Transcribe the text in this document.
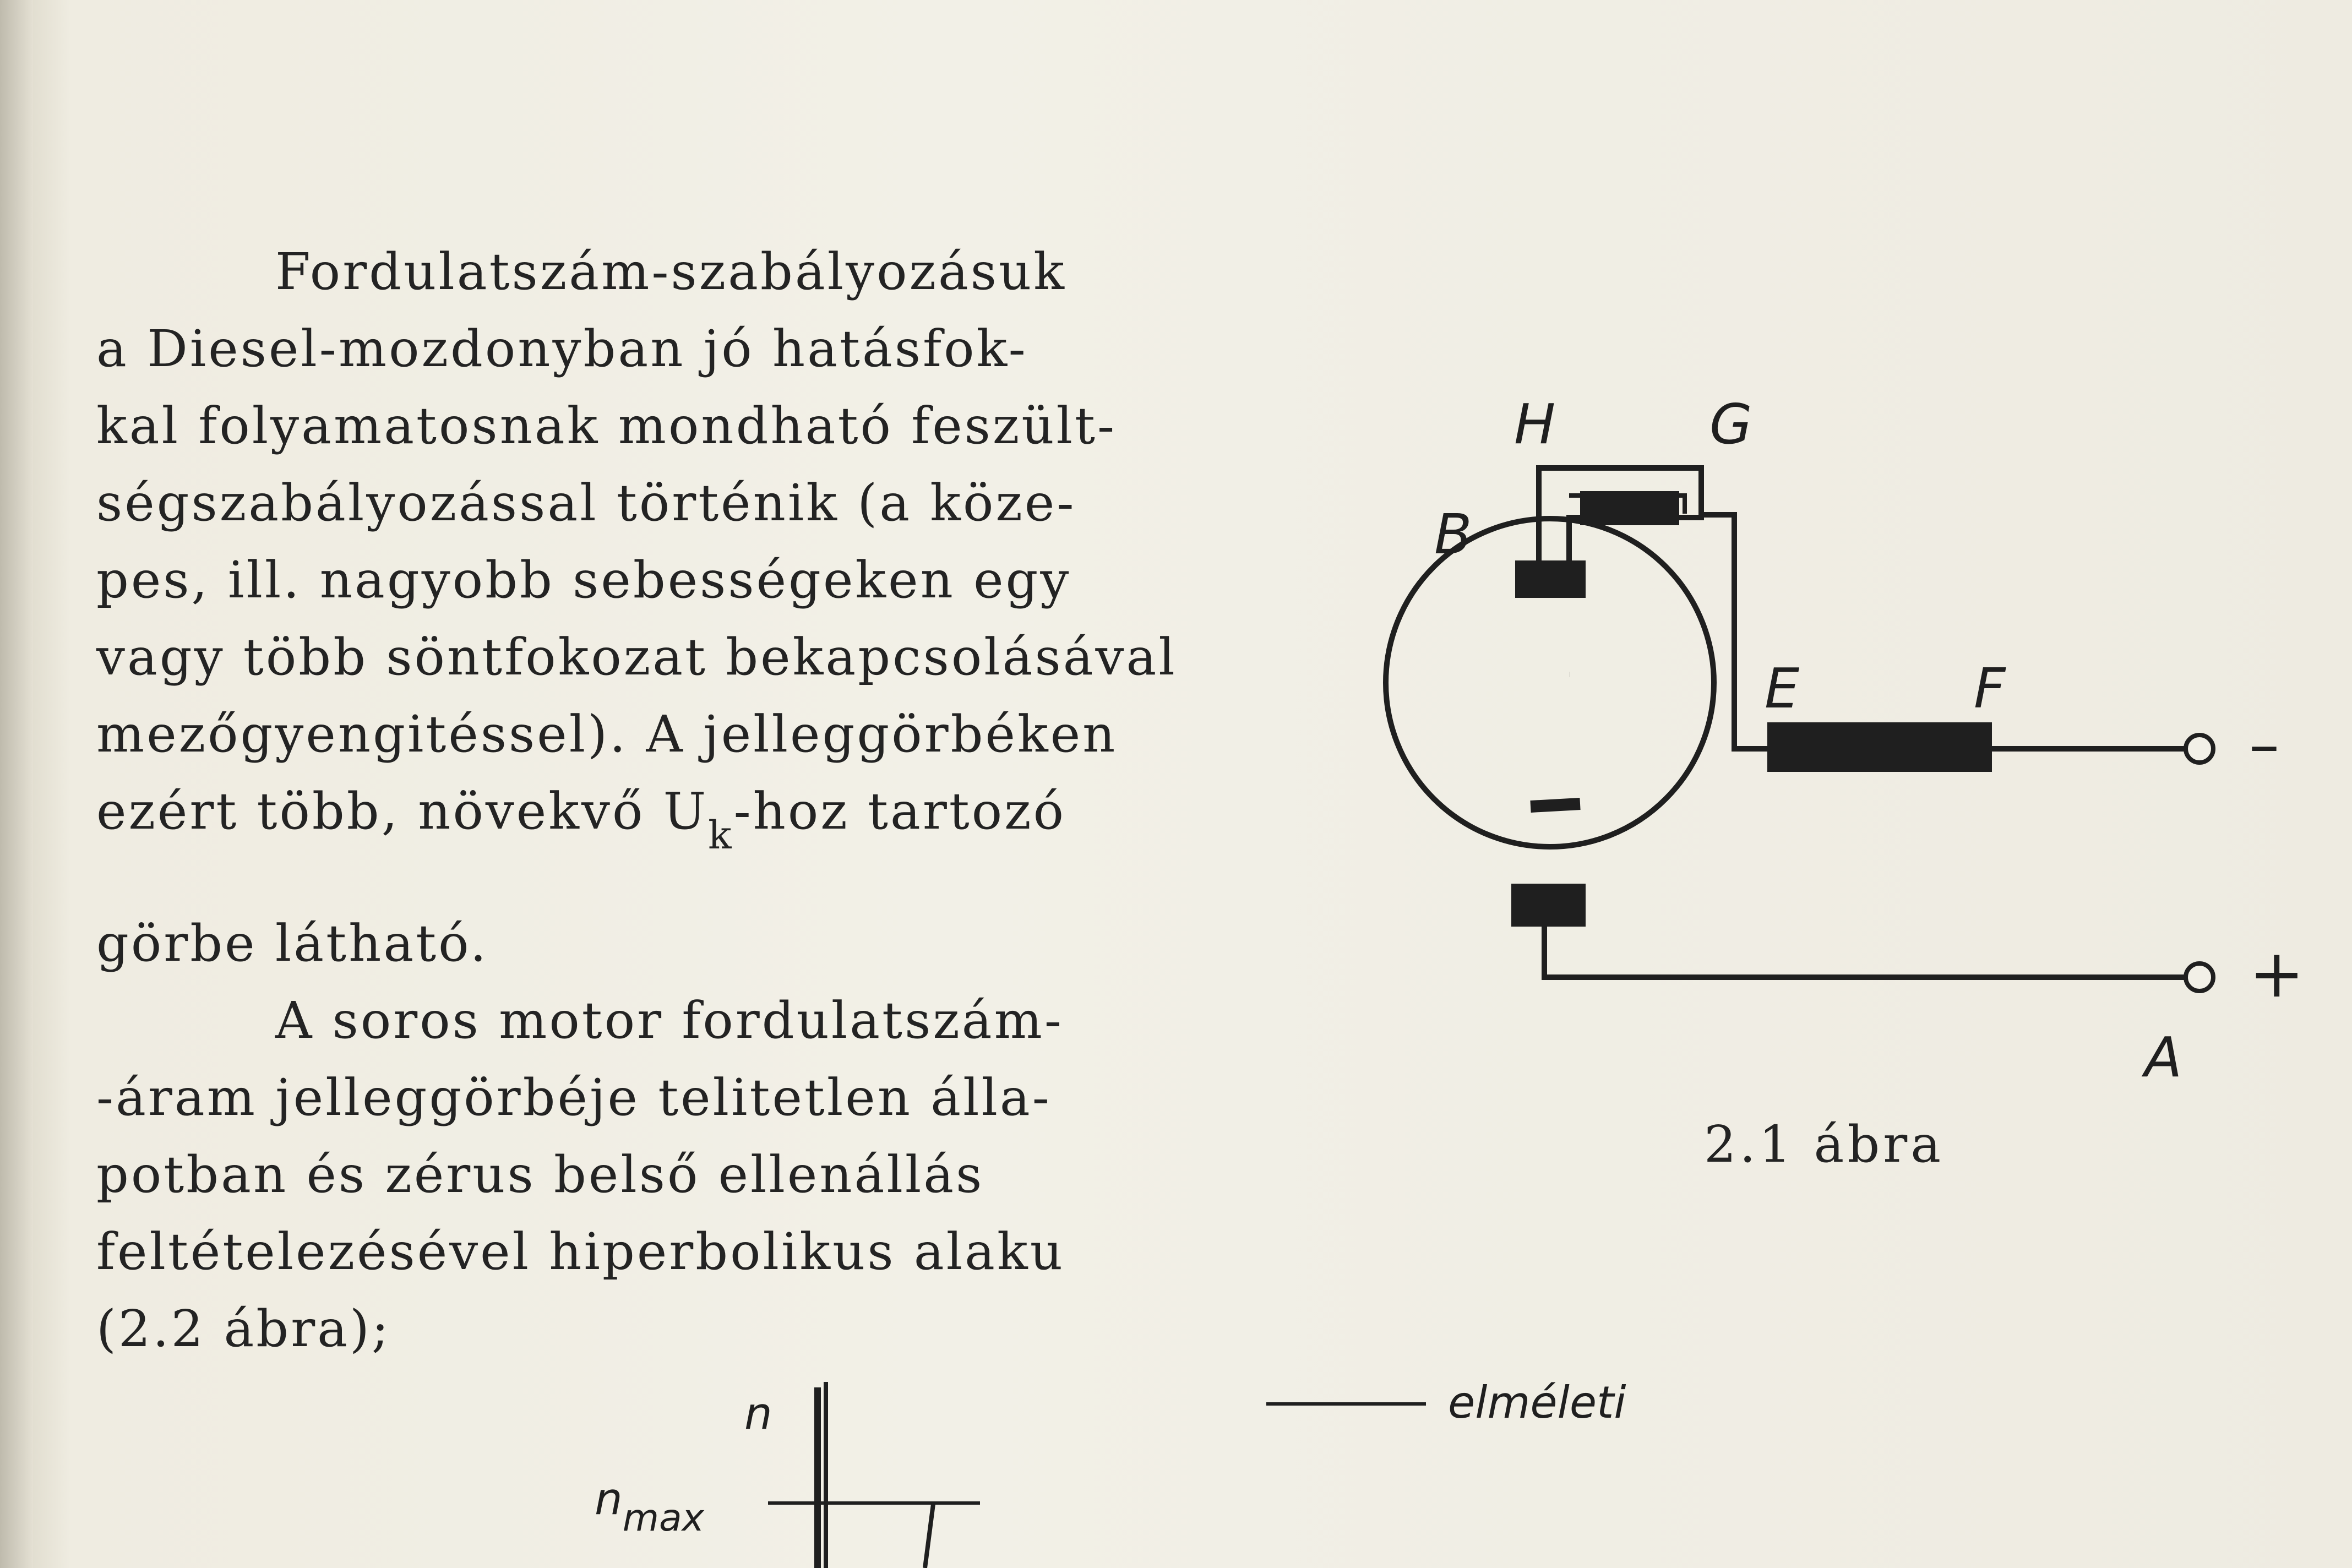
Fordulatszám-szabályozásuk
a Diesel-mozdonyban jó hatásfok-
kal folyamatosnak mondható feszült-
ségszabályozással történik (a köze-
pes, ill. nagyobb sebességeken egy
vagy több söntfokozat bekapcsolásával
mezőgyengitéssel). A jelleggörbéken
ezért több, növekvő $U_k$-hoz tartozó
görbe látható.
A soros motor fordulatszám-
-áram jelleggörbéje telitetlen álla-
potban és zérus belső ellenállás
feltételezésével hiperbolikus alaku
(2.2 ábra);
H	G
B
E	F
–
+
A
2.1 ábra
n
$n_{max}$
elméleti
